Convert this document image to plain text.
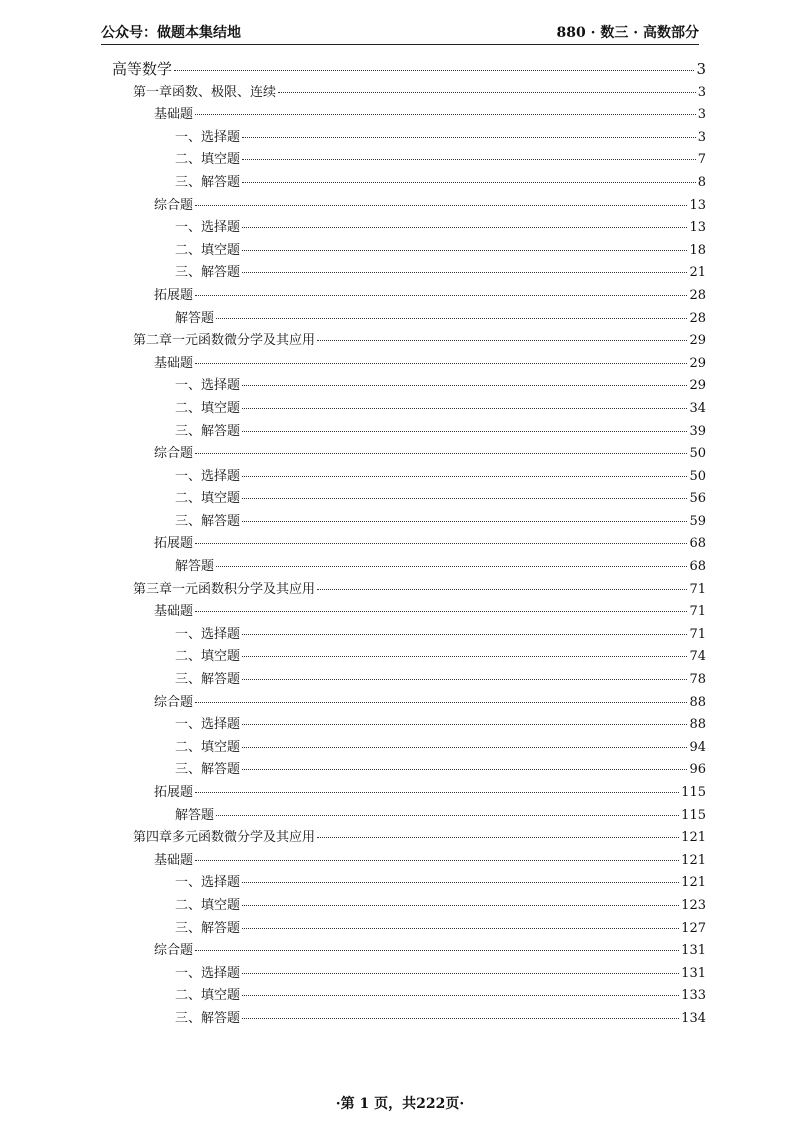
公众号：做题本集结地	880 · 数三 · 高数部分
高等数学	3
第一章函数、极限、连续	3
基础题	3
一、选择题	3
二、填空题	7
三、解答题	8
综合题	13
一、选择题	13
二、填空题	18
三、解答题	21
拓展题	28
解答题	28
第二章一元函数微分学及其应用	29
基础题	29
一、选择题	29
二、填空题	34
三、解答题	39
综合题	50
一、选择题	50
二、填空题	56
三、解答题	59
拓展题	68
解答题	68
第三章一元函数积分学及其应用	71
基础题	71
一、选择题	71
二、填空题	74
三、解答题	78
综合题	88
一、选择题	88
二、填空题	94
三、解答题	96
拓展题	115
解答题	115
第四章多元函数微分学及其应用	121
基础题	121
一、选择题	121
二、填空题	123
三、解答题	127
综合题	131
一、选择题	131
二、填空题	133
三、解答题	134
·第 1 页，共222页·
